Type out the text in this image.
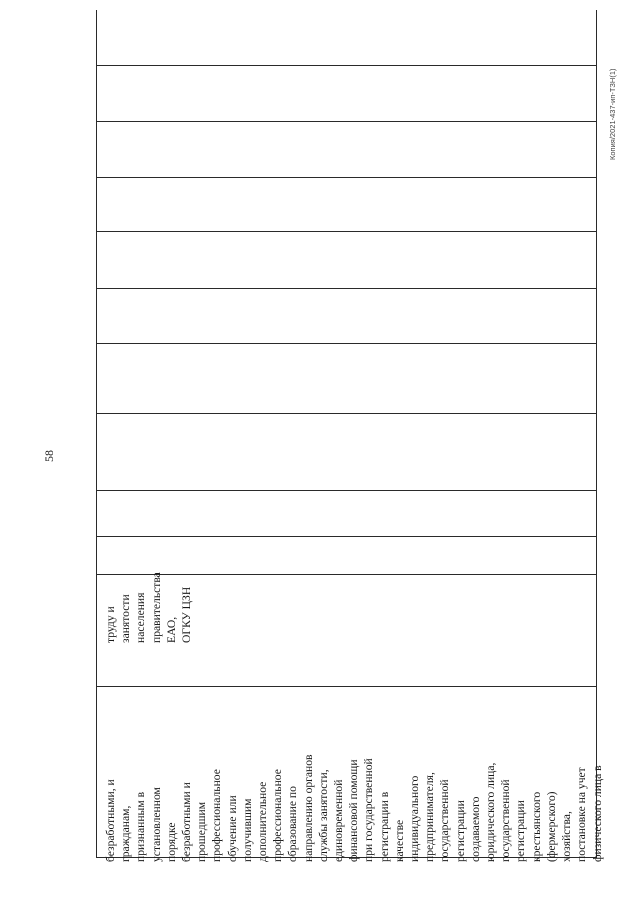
безработными, и
гражданам,
признанным в
установленном
порядке
безработными и
прошедшим
профессиональное
обучение или
получившим
дополнительное
профессиональное
образование по
направлению органов
службы занятости,
единовременной
финансовой помощи
при государственной
регистрации в
качестве
индивидуального
предпринимателя,
государственной
регистрации
создаваемого
юридического лица,
государственной
регистрации
крестьянского
(фермерского)
хозяйства,
постановке на учет
физического лица в
труду и занятости
населения
правительства
ЕАО,
ОГКУ ЦЗН
58
Копия/2021-437-ип-ТЗН(1)
